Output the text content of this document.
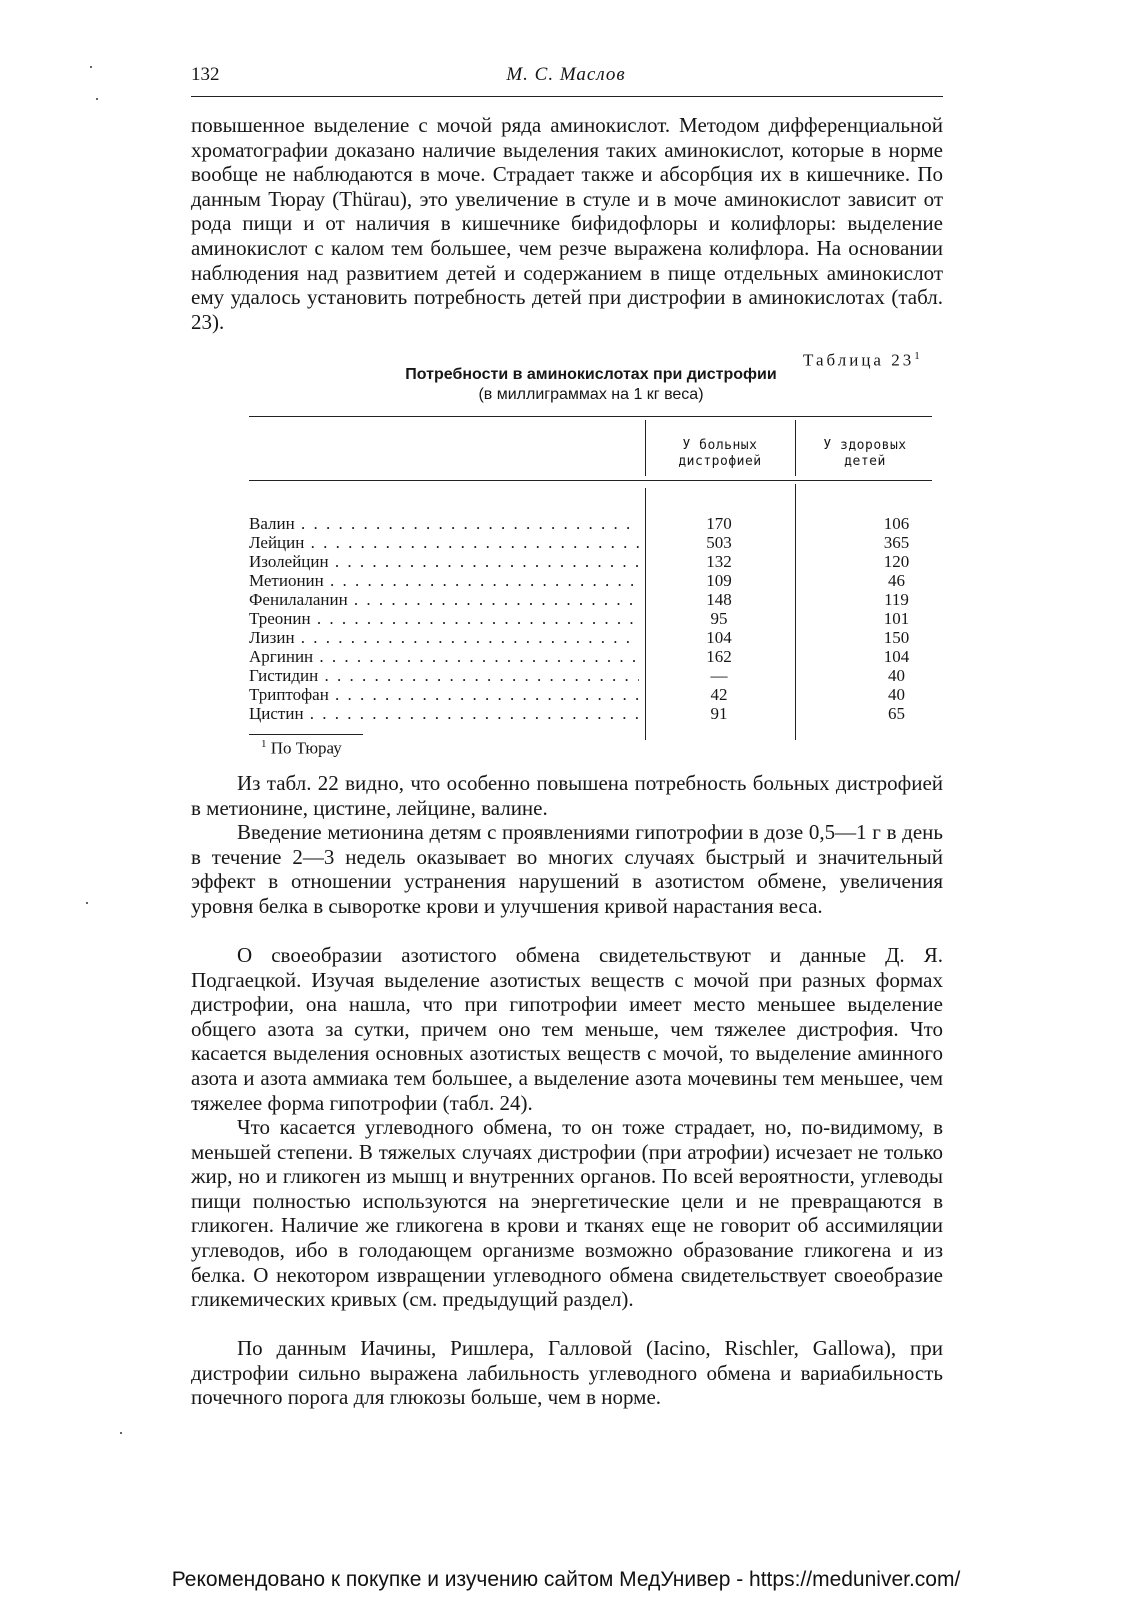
132	М. С. Маслов

повышенное выделение с мочой ряда аминокислот. Методом дифференциальной хроматографии доказано наличие выделения таких аминокислот, которые в норме вообще не наблюдаются в моче. Страдает также и абсорбция их в кишечнике. По данным Тюрау (Thürau), это увеличение в стуле и в моче аминокислот зависит от рода пищи и от наличия в кишечнике бифидофлоры и колифлоры: выделение аминокислот с калом тем большее, чем резче выражена колифлора. На основании наблюдения над развитием детей и содержанием в пище отдельных аминокислот ему удалось установить потребность детей при дистрофии в аминокислотах (табл. 23).

Таблица $23^1$
Потребности в аминокислотах при дистрофии
(в миллиграммах на 1 кг веса)
У больных дистрофией
У здоровых детей
Валин . . .	170	106
Лейцин . . .	503	365
Изолейцин . . .	132	120
Метионин . . .	109	46
Фенилаланин . . .	148	119
Треонин . . .	95	101
Лизин . . .	104	150
Аргинин . . .	162	104
Гистидин . . .	—	40
Триптофан . . .	42	40
Цистин . . .	91	65
$^1$ По Тюрау

Из табл. 22 видно, что особенно повышена потребность больных дистрофией в метионине, цистине, лейцине, валине.

Введение метионина детям с проявлениями гипотрофии в дозе 0,5—1 г в день в течение 2—3 недель оказывает во многих случаях быстрый и значительный эффект в отношении устранения нарушений в азотистом обмене, увеличения уровня белка в сыворотке крови и улучшения кривой нарастания веса.

О своеобразии азотистого обмена свидетельствуют и данные Д. Я. Подгаецкой. Изучая выделение азотистых веществ с мочой при разных формах дистрофии, она нашла, что при гипотрофии имеет место меньшее выделение общего азота за сутки, причем оно тем меньше, чем тяжелее дистрофия. Что касается выделения основных азотистых веществ с мочой, то выделение аминного азота и азота аммиака тем большее, а выделение азота мочевины тем меньшее, чем тяжелее форма гипотрофии (табл. 24).

Что касается углеводного обмена, то он тоже страдает, но, по-видимому, в меньшей степени. В тяжелых случаях дистрофии (при атрофии) исчезает не только жир, но и гликоген из мышц и внутренних органов. По всей вероятности, углеводы пищи полностью используются на энергетические цели и не превращаются в гликоген. Наличие же гликогена в крови и тканях еще не говорит об ассимиляции углеводов, ибо в голодающем организме возможно образование гликогена и из белка. О некотором извращении углеводного обмена свидетельствует своеобразие гликемических кривых (см. предыдущий раздел).

По данным Иачины, Ришлера, Галловой (Iacino, Rischler, Gallowa), при дистрофии сильно выражена лабильность углеводного обмена и вариабильность почечного порога для глюкозы больше, чем в норме.

Рекомендовано к покупке и изучению сайтом МедУнивер - https://meduniver.com/
